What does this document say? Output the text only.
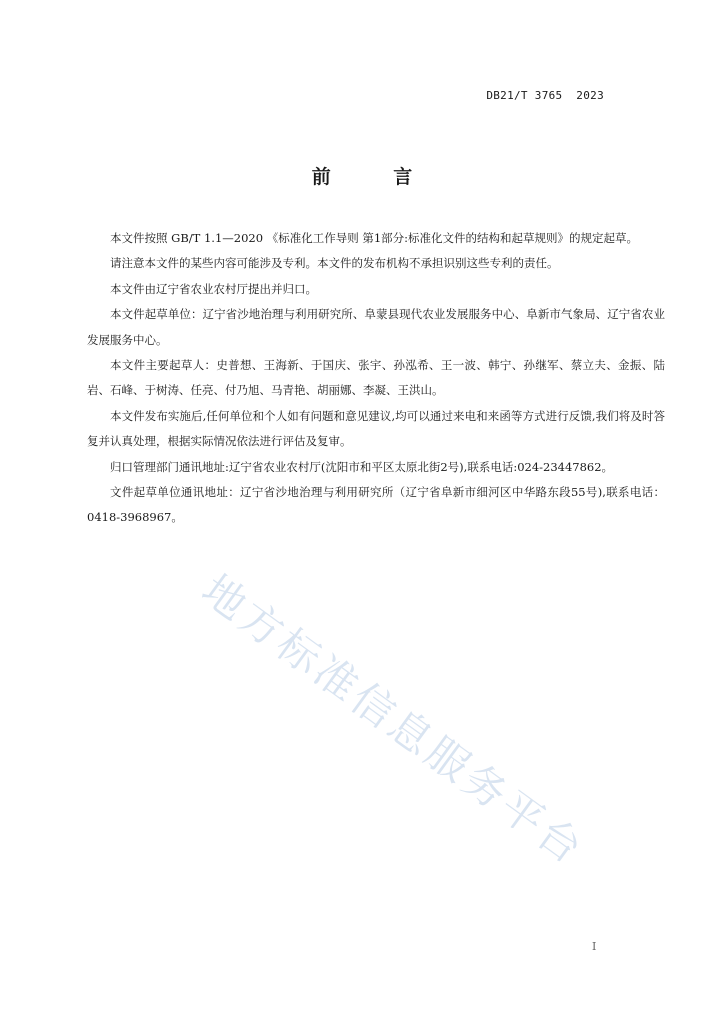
DB21/T 3765  2023
前 言

本文件按照 GB/T 1.1—2020 《标准化工作导则 第1部分:标准化文件的结构和起草规则》的规定起草。

请注意本文件的某些内容可能涉及专利。本文件的发布机构不承担识别这些专利的责任。

本文件由辽宁省农业农村厅提出并归口。

本文件起草单位：辽宁省沙地治理与利用研究所、阜蒙县现代农业发展服务中心、阜新市气象局、辽宁省农业发展服务中心。

本文件主要起草人：史普想、王海新、于国庆、张宇、孙泓希、王一波、韩宁、孙继军、蔡立夫、金振、陆岩、石峰、于树涛、任亮、付乃旭、马青艳、胡丽娜、李凝、王洪山。

本文件发布实施后,任何单位和个人如有问题和意见建议,均可以通过来电和来函等方式进行反馈,我们将及时答复并认真处理，根据实际情况依法进行评估及复审。

归口管理部门通讯地址:辽宁省农业农村厅(沈阳市和平区太原北街2号),联系电话:024-23447862。

文件起草单位通讯地址：辽宁省沙地治理与利用研究所（辽宁省阜新市细河区中华路东段55号),联系电话：0418-3968967。

地方标准信息服务平台
I
